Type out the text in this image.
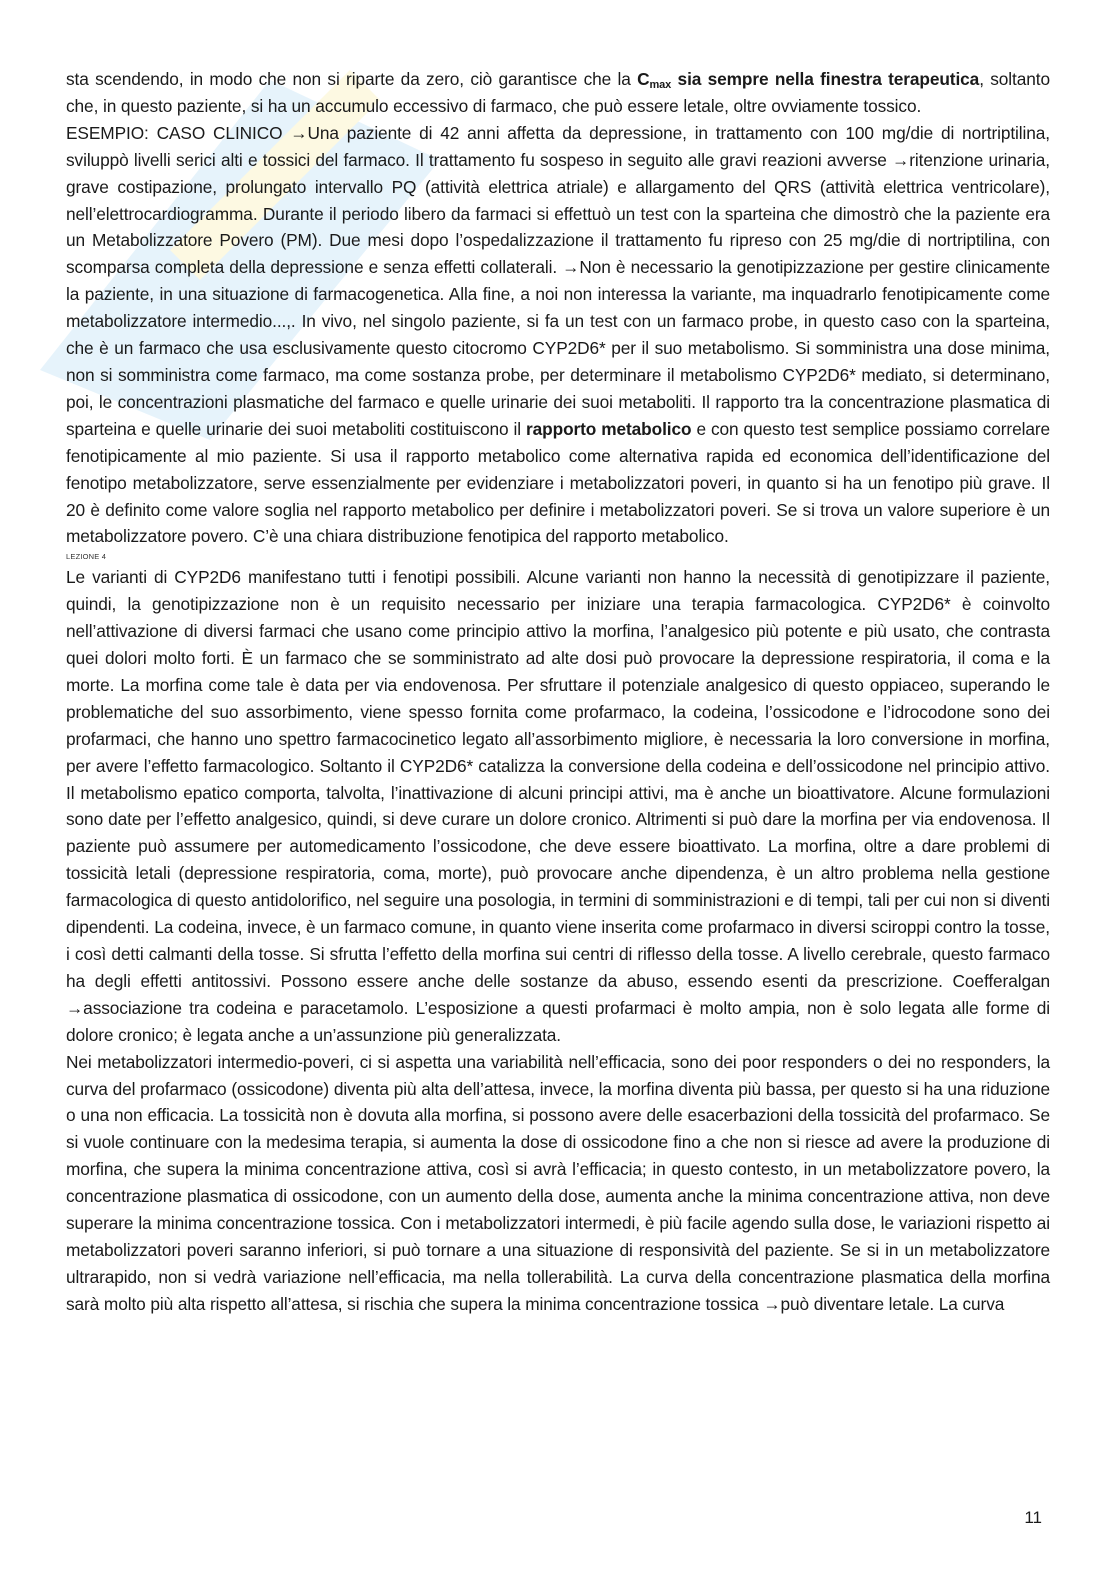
sta scendendo, in modo che non si riparte da zero, ciò garantisce che la $C_{max}$ sia sempre nella finestra terapeutica, soltanto che, in questo paziente, si ha un accumulo eccessivo di farmaco, che può essere letale, oltre ovviamente tossico.

ESEMPIO: CASO CLINICO →Una paziente di 42 anni affetta da depressione, in trattamento con 100 mg/die di nortriptilina, sviluppò livelli serici alti e tossici del farmaco. Il trattamento fu sospeso in seguito alle gravi reazioni avverse →ritenzione urinaria, grave costipazione, prolungato intervallo PQ (attività elettrica atriale) e allargamento del QRS (attività elettrica ventricolare), nell’elettrocardiogramma. Durante il periodo libero da farmaci si effettuò un test con la sparteina che dimostrò che la paziente era un Metabolizzatore Povero (PM). Due mesi dopo l’ospedalizzazione il trattamento fu ripreso con 25 mg/die di nortriptilina, con scomparsa completa della depressione e senza effetti collaterali. →Non è necessario la genotipizzazione per gestire clinicamente la paziente, in una situazione di farmacogenetica. Alla fine, a noi non interessa la variante, ma inquadrarlo fenotipicamente come metabolizzatore intermedio...,. In vivo, nel singolo paziente, si fa un test con un farmaco probe, in questo caso con la sparteina, che è un farmaco che usa esclusivamente questo citocromo CYP2D6* per il suo metabolismo. Si somministra una dose minima, non si somministra come farmaco, ma come sostanza probe, per determinare il metabolismo CYP2D6* mediato, si determinano, poi, le concentrazioni plasmatiche del farmaco e quelle urinarie dei suoi metaboliti. Il rapporto tra la concentrazione plasmatica di sparteina e quelle urinarie dei suoi metaboliti costituiscono il rapporto metabolico e con questo test semplice possiamo correlare fenotipicamente al mio paziente. Si usa il rapporto metabolico come alternativa rapida ed economica dell’identificazione del fenotipo metabolizzatore, serve essenzialmente per evidenziare i metabolizzatori poveri, in quanto si ha un fenotipo più grave. Il 20 è definito come valore soglia nel rapporto metabolico per definire i metabolizzatori poveri. Se si trova un valore superiore è un metabolizzatore povero. C’è una chiara distribuzione fenotipica del rapporto metabolico.

LEZIONE 4

Le varianti di CYP2D6 manifestano tutti i fenotipi possibili. Alcune varianti non hanno la necessità di genotipizzare il paziente, quindi, la genotipizzazione non è un requisito necessario per iniziare una terapia farmacologica. CYP2D6* è coinvolto nell’attivazione di diversi farmaci che usano come principio attivo la morfina, l’analgesico più potente e più usato, che contrasta quei dolori molto forti. È un farmaco che se somministrato ad alte dosi può provocare la depressione respiratoria, il coma e la morte. La morfina come tale è data per via endovenosa. Per sfruttare il potenziale analgesico di questo oppiaceo, superando le problematiche del suo assorbimento, viene spesso fornita come profarmaco, la codeina, l’ossicodone e l’idrocodone sono dei profarmaci, che hanno uno spettro farmacocinetico legato all’assorbimento migliore, è necessaria la loro conversione in morfina, per avere l’effetto farmacologico. Soltanto il CYP2D6* catalizza la conversione della codeina e dell’ossicodone nel principio attivo. Il metabolismo epatico comporta, talvolta, l’inattivazione di alcuni principi attivi, ma è anche un bioattivatore. Alcune formulazioni sono date per l’effetto analgesico, quindi, si deve curare un dolore cronico. Altrimenti si può dare la morfina per via endovenosa. Il paziente può assumere per automedicamento l’ossicodone, che deve essere bioattivato. La morfina, oltre a dare problemi di tossicità letali (depressione respiratoria, coma, morte), può provocare anche dipendenza, è un altro problema nella gestione farmacologica di questo antidolorifico, nel seguire una posologia, in termini di somministrazioni e di tempi, tali per cui non si diventi dipendenti. La codeina, invece, è un farmaco comune, in quanto viene inserita come profarmaco in diversi sciroppi contro la tosse, i così detti calmanti della tosse. Si sfrutta l’effetto della morfina sui centri di riflesso della tosse. A livello cerebrale, questo farmaco ha degli effetti antitossivi. Possono essere anche delle sostanze da abuso, essendo esenti da prescrizione. Coefferalgan →associazione tra codeina e paracetamolo. L’esposizione a questi profarmaci è molto ampia, non è solo legata alle forme di dolore cronico; è legata anche a un’assunzione più generalizzata.

Nei metabolizzatori intermedio-poveri, ci si aspetta una variabilità nell’efficacia, sono dei poor responders o dei no responders, la curva del profarmaco (ossicodone) diventa più alta dell’attesa, invece, la morfina diventa più bassa, per questo si ha una riduzione o una non efficacia. La tossicità non è dovuta alla morfina, si possono avere delle esacerbazioni della tossicità del profarmaco. Se si vuole continuare con la medesima terapia, si aumenta la dose di ossicodone fino a che non si riesce ad avere la produzione di morfina, che supera la minima concentrazione attiva, così si avrà l’efficacia; in questo contesto, in un metabolizzatore povero, la concentrazione plasmatica di ossicodone, con un aumento della dose, aumenta anche la minima concentrazione attiva, non deve superare la minima concentrazione tossica. Con i metabolizzatori intermedi, è più facile agendo sulla dose, le variazioni rispetto ai metabolizzatori poveri saranno inferiori, si può tornare a una situazione di responsività del paziente. Se si in un metabolizzatore ultrarapido, non si vedrà variazione nell’efficacia, ma nella tollerabilità. La curva della concentrazione plasmatica della morfina sarà molto più alta rispetto all’attesa, si rischia che supera la minima concentrazione tossica →può diventare letale. La curva

11
